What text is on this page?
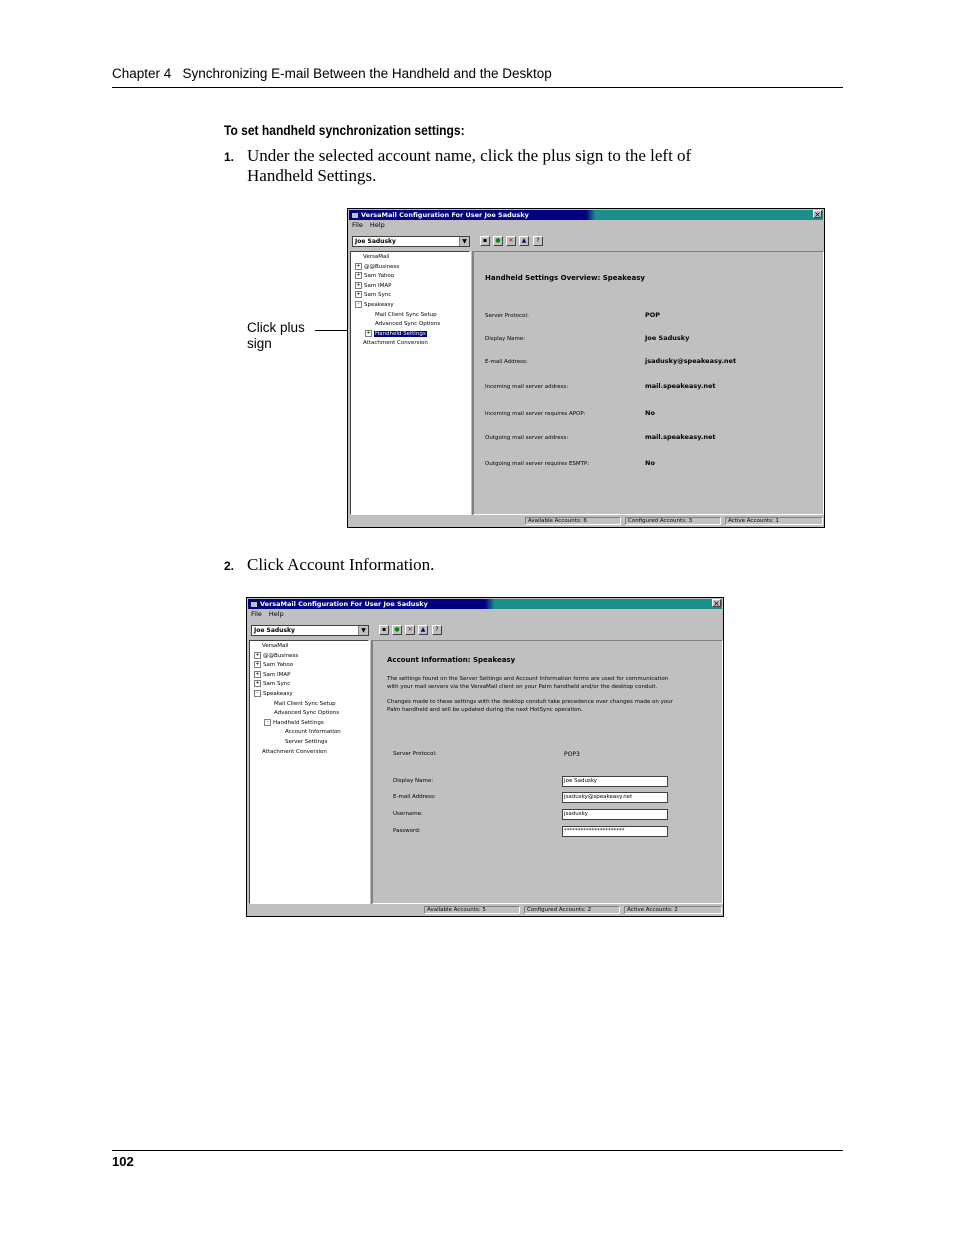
Chapter 4   Synchronizing E-mail Between the Handheld and the Desktop
To set handheld synchronization settings:
1. Under the selected account name, click the plus sign to the left of
Handheld Settings.
Click plus
sign
VersaMail Configuration For User Joe Sadusky	×
File Help
Joe Sadusky	▼	▪	●	✕	▲	?
VersaMail
+ @@Business
+ Sam Yahoo
+ Sam IMAP
+ Sam Sync
- Speakeasy
Mail Client Sync Setup
Advanced Sync Options
+ Handheld Settings
Attachment Conversion
Handheld Settings Overview: Speakeasy
Server Protocol:	POP
Display Name:	Joe Sadusky
E-mail Address:	jsadusky@speakeasy.net
Incoming mail server address:	mail.speakeasy.net
Incoming mail server requires APOP:	No
Outgoing mail server address:	mail.speakeasy.net
Outgoing mail server requires ESMTP:	No
Available Accounts: 6	Configured Accounts: 3	Active Accounts: 1
2. Click Account Information.
VersaMail Configuration For User Joe Sadusky	×
File Help
Joe Sadusky	▼	▪	●	✕	▲	?
VersaMail
+ @@Business
+ Sam Yahoo
+ Sam IMAP
+ Sam Sync
- Speakeasy
Mail Client Sync Setup
Advanced Sync Options
- Handheld Settings
Account Information
Server Settings
Attachment Conversion
Account Information: Speakeasy
The settings found on the Server Settings and Account Information forms are used for communication
with your mail servers via the VersaMail client on your Palm handheld and/or the desktop conduit.
Changes made to these settings with the desktop conduit take precedence over changes made on your
Palm handheld and will be updated during the next HotSync operation.
Server Protocol:	POP3
Display Name:	Joe Sadusky
E-mail Address:	jsadusky@speakeasy.net
Username:	jsadusky
Password:	**********************
Available Accounts: 5	Configured Accounts: 2	Active Accounts: 2
102
